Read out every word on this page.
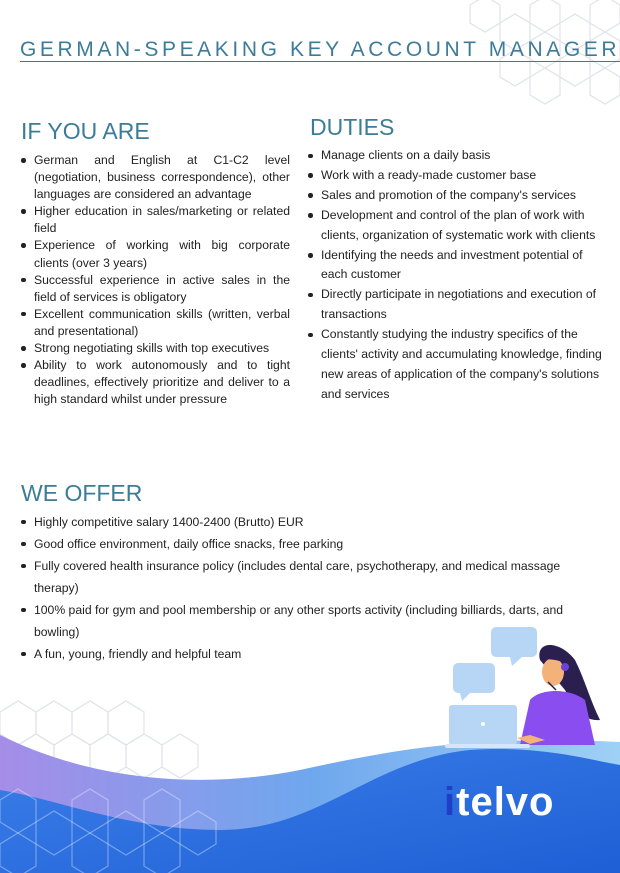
GERMAN-SPEAKING KEY ACCOUNT MANAGER
IF YOU ARE
German and English at C1-C2 level (negotiation, business correspondence), other languages are considered an advantage
Higher education in sales/marketing or related field
Experience of working with big corporate clients (over 3 years)
Successful experience in active sales in the field of services is obligatory
Excellent communication skills (written, verbal and presentational)
Strong negotiating skills with top executives
Ability to work autonomously and to tight deadlines, effectively prioritize and deliver to a high standard whilst under pressure
DUTIES
Manage clients on a daily basis
Work with a ready-made customer base
Sales and promotion of the company's services
Development and control of the plan of work with clients, organization of systematic work with clients
Identifying the needs and investment potential of each customer
Directly participate in negotiations and execution of transactions
Constantly studying the industry specifics of the clients' activity and accumulating knowledge, finding new areas of application of the company's solutions and services
WE OFFER
Highly competitive salary 1400-2400 (Brutto) EUR
Good office environment, daily office snacks, free parking
Fully covered health insurance policy (includes dental care, psychotherapy, and medical massage therapy)
100% paid for gym and pool membership or any other sports activity (including billiards, darts, and bowling)
A fun, young, friendly and helpful team
itelvo
